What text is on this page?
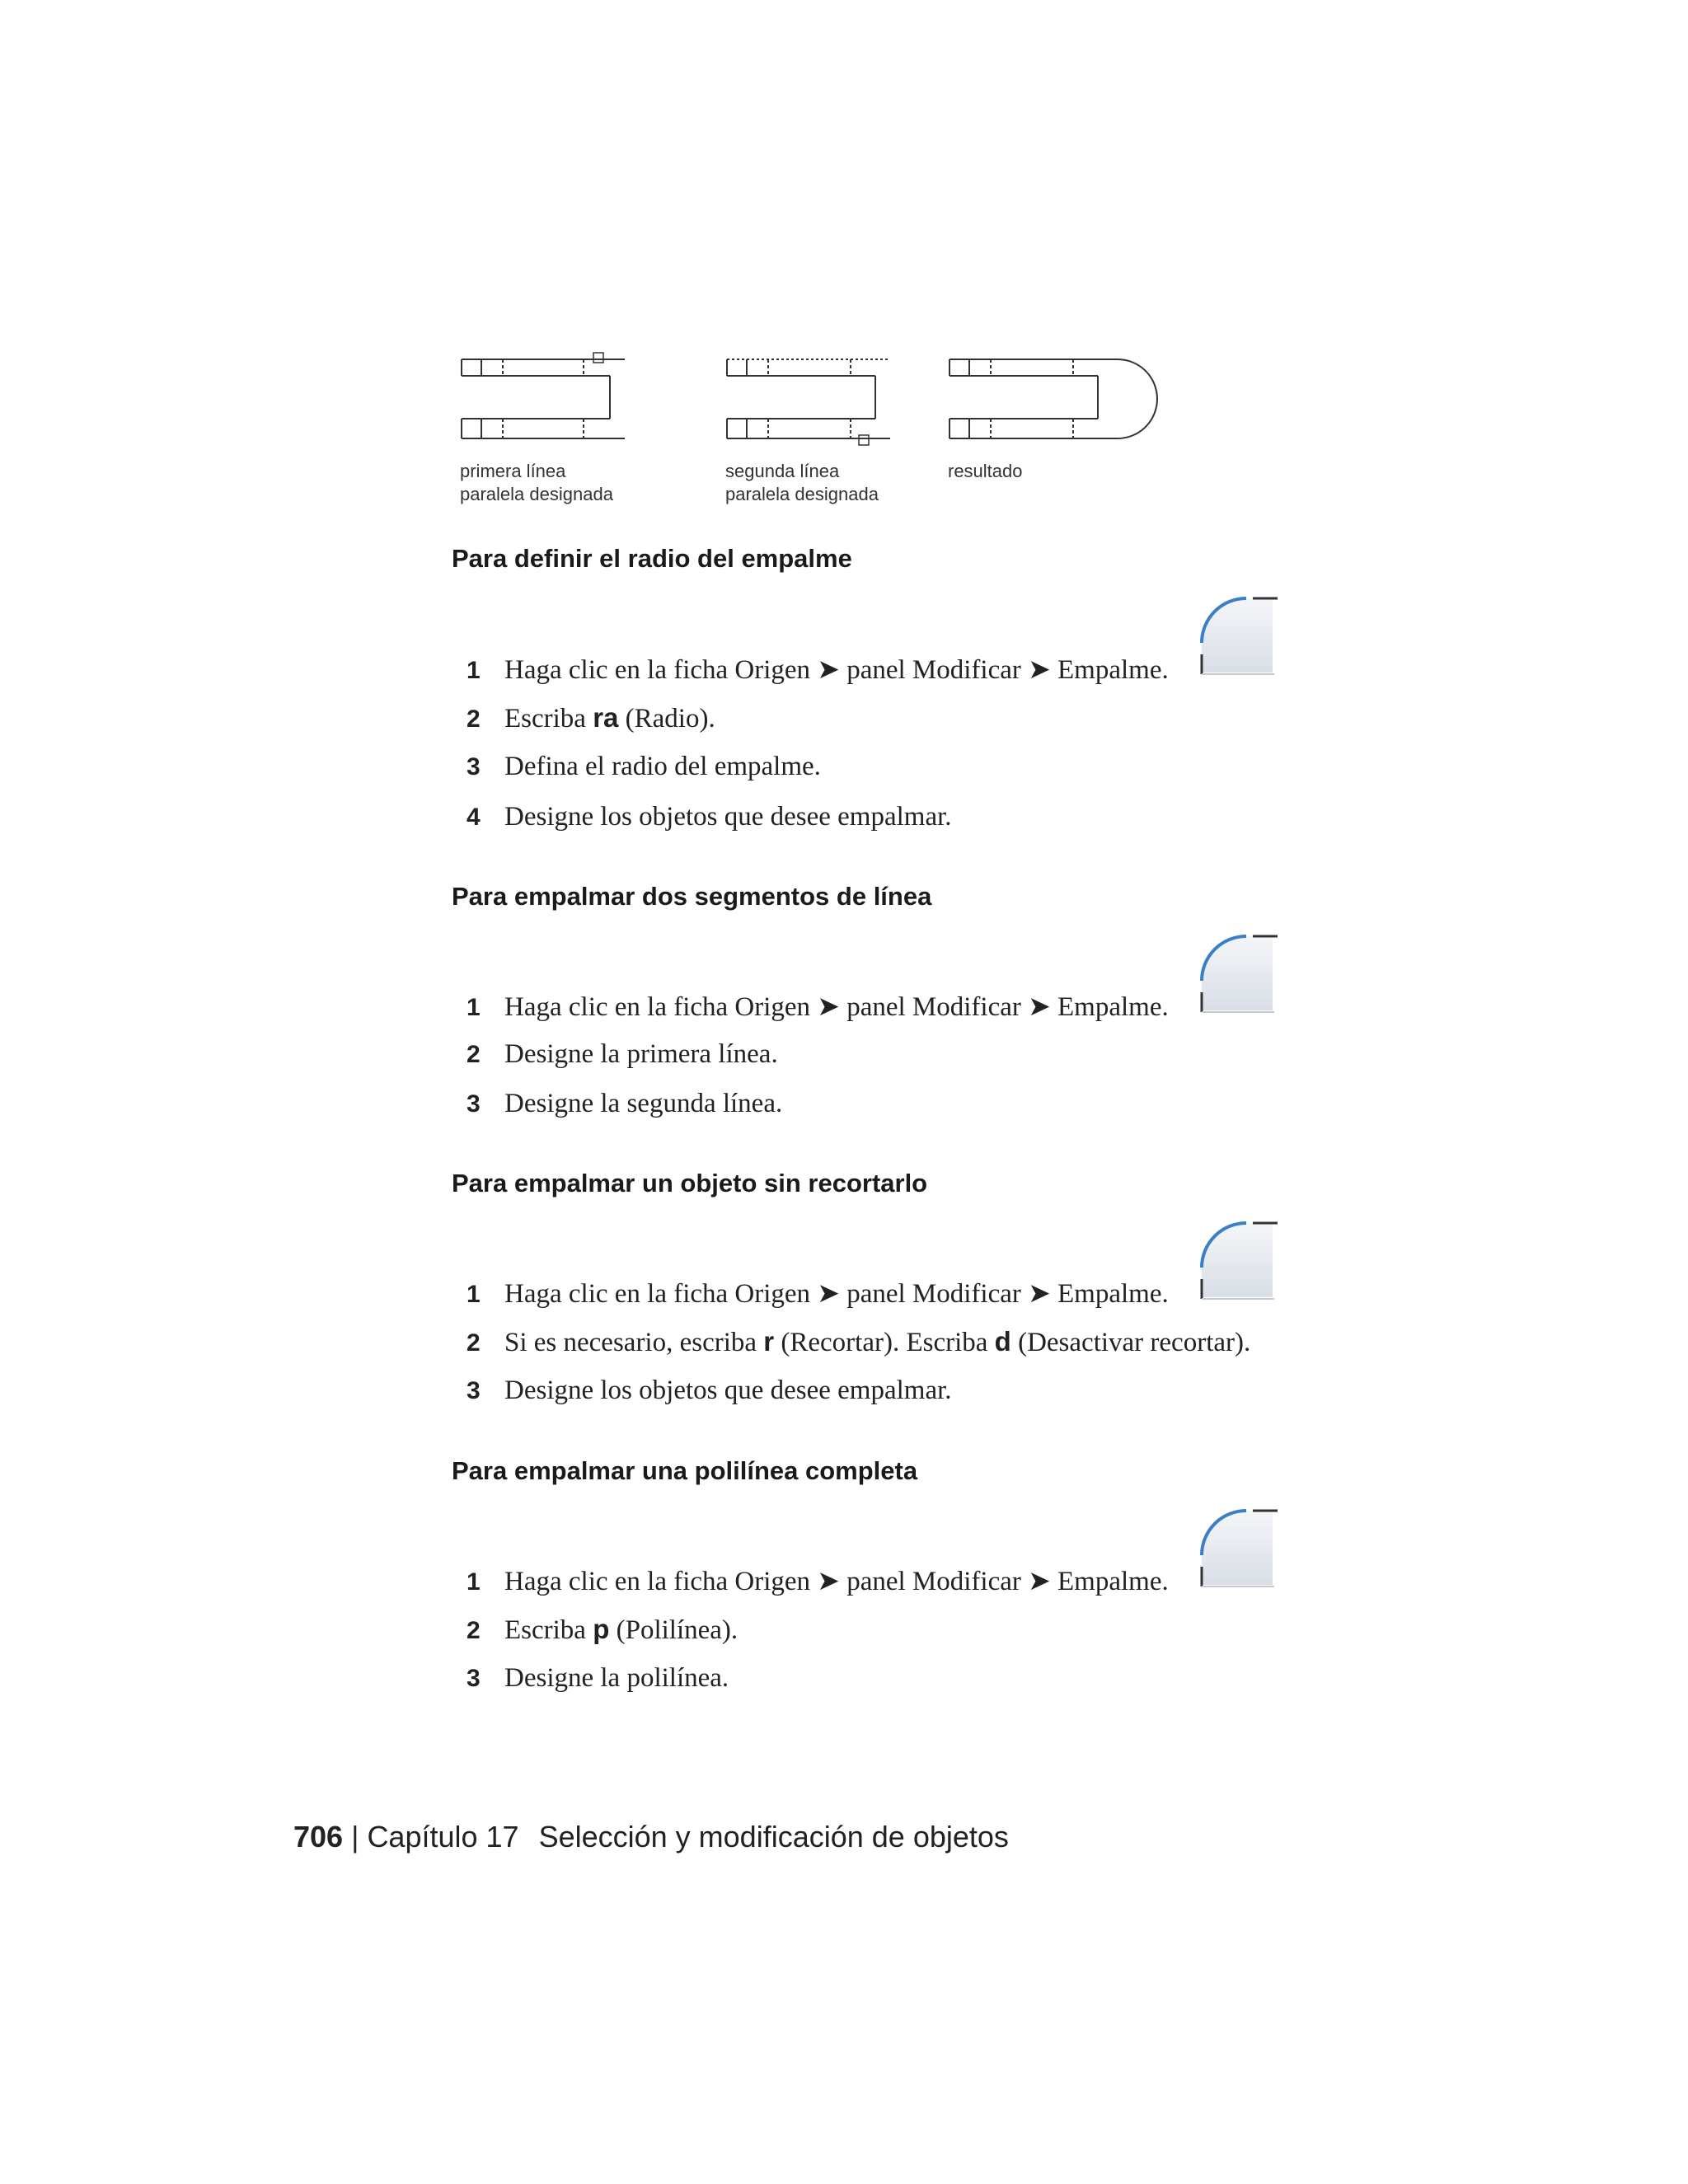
primera línea
paralela designada
segunda línea
paralela designada
resultado
Para definir el radio del empalme
1 Haga clic en la ficha Origen ➤ panel Modificar ➤ Empalme.
2 Escriba ra (Radio).
3 Defina el radio del empalme.
4 Designe los objetos que desee empalmar.
Para empalmar dos segmentos de línea
1 Haga clic en la ficha Origen ➤ panel Modificar ➤ Empalme.
2 Designe la primera línea.
3 Designe la segunda línea.
Para empalmar un objeto sin recortarlo
1 Haga clic en la ficha Origen ➤ panel Modificar ➤ Empalme.
2 Si es necesario, escriba r (Recortar). Escriba d (Desactivar recortar).
3 Designe los objetos que desee empalmar.
Para empalmar una polilínea completa
1 Haga clic en la ficha Origen ➤ panel Modificar ➤ Empalme.
2 Escriba p (Polilínea).
3 Designe la polilínea.
706 | Capítulo 17 Selección y modificación de objetos
